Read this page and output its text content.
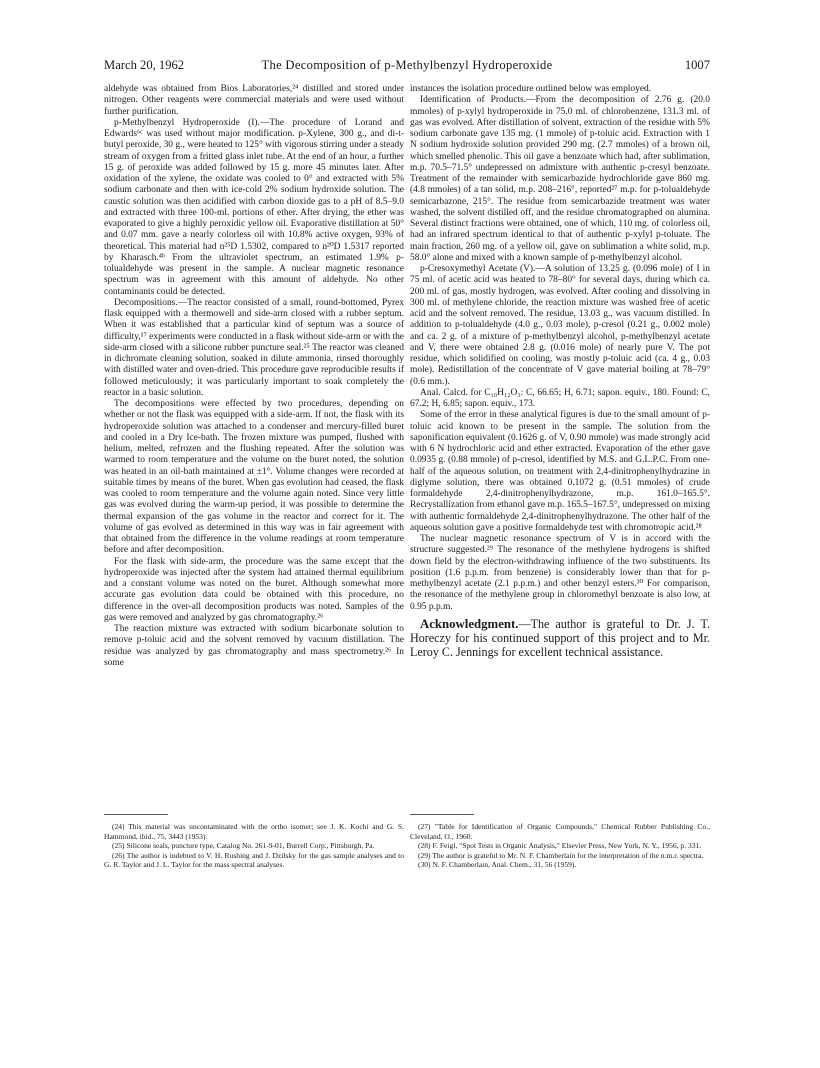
March 20, 1962	The Decomposition of p-Methylbenzyl Hydroperoxide	1007

aldehyde was obtained from Bios Laboratories,²⁴ distilled and stored under nitrogen. Other reagents were commercial materials and were used without further purification.

p-Methylbenzyl Hydroperoxide (I).—The procedure of Lorand and Edwards⁶ᶜ was used without major modification. p-Xylene, 300 g., and di-t-butyl peroxide, 30 g., were heated to 125° with vigorous stirring under a steady stream of oxygen from a fritted glass inlet tube. At the end of an hour, a further 15 g. of peroxide was added followed by 15 g. more 45 minutes later. After oxidation of the xylene, the oxidate was cooled to 0° and extracted with 5% sodium carbonate and then with ice-cold 2% sodium hydroxide solution. The caustic solution was then acidified with carbon dioxide gas to a pH of 8.5–9.0 and extracted with three 100-ml. portions of ether. After drying, the ether was evaporated to give a highly peroxidic yellow oil. Evaporative distillation at 50° and 0.07 mm. gave a nearly colorless oil with 10.8% active oxygen, 93% of theoretical. This material had n²⁵D 1.5302, compared to n²⁰D 1.5317 reported by Kharasch.⁴ᵇ From the ultraviolet spectrum, an estimated 1.9% p-tolualdehyde was present in the sample. A nuclear magnetic resonance spectrum was in agreement with this amount of aldehyde. No other contaminants could be detected.

Decompositions.—The reactor consisted of a small, round-bottomed, Pyrex flask equipped with a thermowell and side-arm closed with a rubber septum. When it was established that a particular kind of septum was a source of difficulty,¹⁷ experiments were conducted in a flask without side-arm or with the side-arm closed with a silicone rubber puncture seal.²⁵ The reactor was cleaned in dichromate cleaning solution, soaked in dilute ammonia, rinsed thoroughly with distilled water and oven-dried. This procedure gave reproducible results if followed meticulously; it was particularly important to soak completely the reactor in a basic solution.

The decompositions were effected by two procedures, depending on whether or not the flask was equipped with a side-arm. If not, the flask with its hydroperoxide solution was attached to a condenser and mercury-filled buret and cooled in a Dry Ice-bath. The frozen mixture was pumped, flushed with helium, melted, refrozen and the flushing repeated. After the solution was warmed to room temperature and the volume on the buret noted, the solution was heated in an oil-bath maintained at ±1°. Volume changes were recorded at suitable times by means of the buret. When gas evolution had ceased, the flask was cooled to room temperature and the volume again noted. Since very little gas was evolved during the warm-up period, it was possible to determine the thermal expansion of the gas volume in the reactor and correct for it. The volume of gas evolved as determined in this way was in fair agreement with that obtained from the difference in the volume readings at room temperature before and after decomposition.

For the flask with side-arm, the procedure was the same except that the hydroperoxide was injected after the system had attained thermal equilibrium and a constant volume was noted on the buret. Although somewhat more accurate gas evolution data could be obtained with this procedure, no difference in the over-all decomposition products was noted. Samples of the gas were removed and analyzed by gas chromatography.²⁶

The reaction mixture was extracted with sodium bicarbonate solution to remove p-toluic acid and the solvent removed by vacuum distillation. The residue was analyzed by gas chromatography and mass spectrometry.²⁶ In some

instances the isolation procedure outlined below was employed.

Identification of Products.—From the decomposition of 2.76 g. (20.0 mmoles) of p-xylyl hydroperoxide in 75.0 ml. of chlorobenzene, 131.3 ml. of gas was evolved. After distillation of solvent, extraction of the residue with 5% sodium carbonate gave 135 mg. (1 mmole) of p-toluic acid. Extraction with 1 N sodium hydroxide solution provided 290 mg. (2.7 mmoles) of a brown oil, which smelled phenolic. This oil gave a benzoate which had, after sublimation, m.p. 70.5–71.5° undepressed on admixture with authentic p-cresyl benzoate. Treatment of the remainder with semicarbazide hydrochloride gave 860 mg. (4.8 mmoles) of a tan solid, m.p. 208–216°, reported²⁷ m.p. for p-tolualdehyde semicarbazone, 215°. The residue from semicarbazide treatment was water washed, the solvent distilled off, and the residue chromatographed on alumina. Several distinct fractions were obtained, one of which, 110 mg. of colorless oil, had an infrared spectrum identical to that of authentic p-xylyl p-toluate. The main fraction, 260 mg. of a yellow oil, gave on sublimation a white solid, m.p. 58.0° alone and mixed with a known sample of p-methylbenzyl alcohol.

p-Cresoxymethyl Acetate (V).—A solution of 13.25 g. (0.096 mole) of I in 75 ml. of acetic acid was heated to 78–80° for several days, during which ca. 200 ml. of gas, mostly hydrogen, was evolved. After cooling and dissolving in 300 ml. of methylene chloride, the reaction mixture was washed free of acetic acid and the solvent removed. The residue, 13.03 g., was vacuum distilled. In addition to p-tolualdehyde (4.0 g., 0.03 mole), p-cresol (0.21 g., 0.002 mole) and ca. 2 g. of a mixture of p-methylbenzyl alcohol, p-methylbenzyl acetate and V, there were obtained 2.8 g. (0.016 mole) of nearly pure V. The pot residue, which solidified on cooling, was mostly p-toluic acid (ca. 4 g., 0.03 mole). Redistillation of the concentrate of V gave material boiling at 78–79° (0.6 mm.).

Anal. Calcd. for C₁₀H₁₂O₃: C, 66.65; H, 6.71; sapon. equiv., 180. Found: C, 67.2; H, 6.85; sapon. equiv., 173.

Some of the error in these analytical figures is due to the small amount of p-toluic acid known to be present in the sample. The solution from the saponification equivalent (0.1626 g. of V, 0.90 mmole) was made strongly acid with 6 N hydrochloric acid and ether extracted. Evaporation of the ether gave 0.0935 g. (0.88 mmole) of p-cresol, identified by M.S. and G.L.P.C. From one-half of the aqueous solution, on treatment with 2,4-dinitrophenylhydrazine in diglyme solution, there was obtained 0.1072 g. (0.51 mmoles) of crude formaldehyde 2,4-dinitrophenylhydrazone, m.p. 161.0–165.5°. Recrystallization from ethanol gave m.p. 165.5–167.5°, undepressed on mixing with authentic formaldehyde 2,4-dinitrophenylhydrazone. The other half of the aqueous solution gave a positive formaldehyde test with chromotropic acid.²⁸

The nuclear magnetic resonance spectrum of V is in accord with the structure suggested.²⁹ The resonance of the methylene hydrogens is shifted down field by the electron-withdrawing influence of the two substituents. Its position (1.6 p.p.m. from benzene) is considerably lower than that for p-methylbenzyl acetate (2.1 p.p.m.) and other benzyl esters.³⁰ For comparison, the resonance of the methylene group in chloromethyl benzoate is also low, at 0.95 p.p.m.

Acknowledgment.—The author is grateful to Dr. J. T. Horeczy for his continued support of this project and to Mr. Leroy C. Jennings for excellent technical assistance.

(24) This material was uncontaminated with the ortho isomer; see J. K. Kochi and G. S. Hammond, ibid., 75, 3443 (1953).

(25) Silicone seals, puncture type, Catalog No. 261-9-01, Burrell Corp., Pittsburgh, Pa.

(26) The author is indebted to V. H. Rushing and J. Dzilsky for the gas sample analyses and to G. R. Taylor and J. L. Taylor for the mass spectral analyses.

(27) "Table for Identification of Organic Compounds," Chemical Rubber Publishing Co., Cleveland, O., 1960.

(28) F. Feigl, "Spot Tests in Organic Analysis," Elsevier Press, New York, N. Y., 1956, p. 331.

(29) The author is grateful to Mr. N. F. Chamberlain for the interpretation of the n.m.r. spectra.

(30) N. F. Chamberlain, Anal. Chem., 31, 56 (1959).
